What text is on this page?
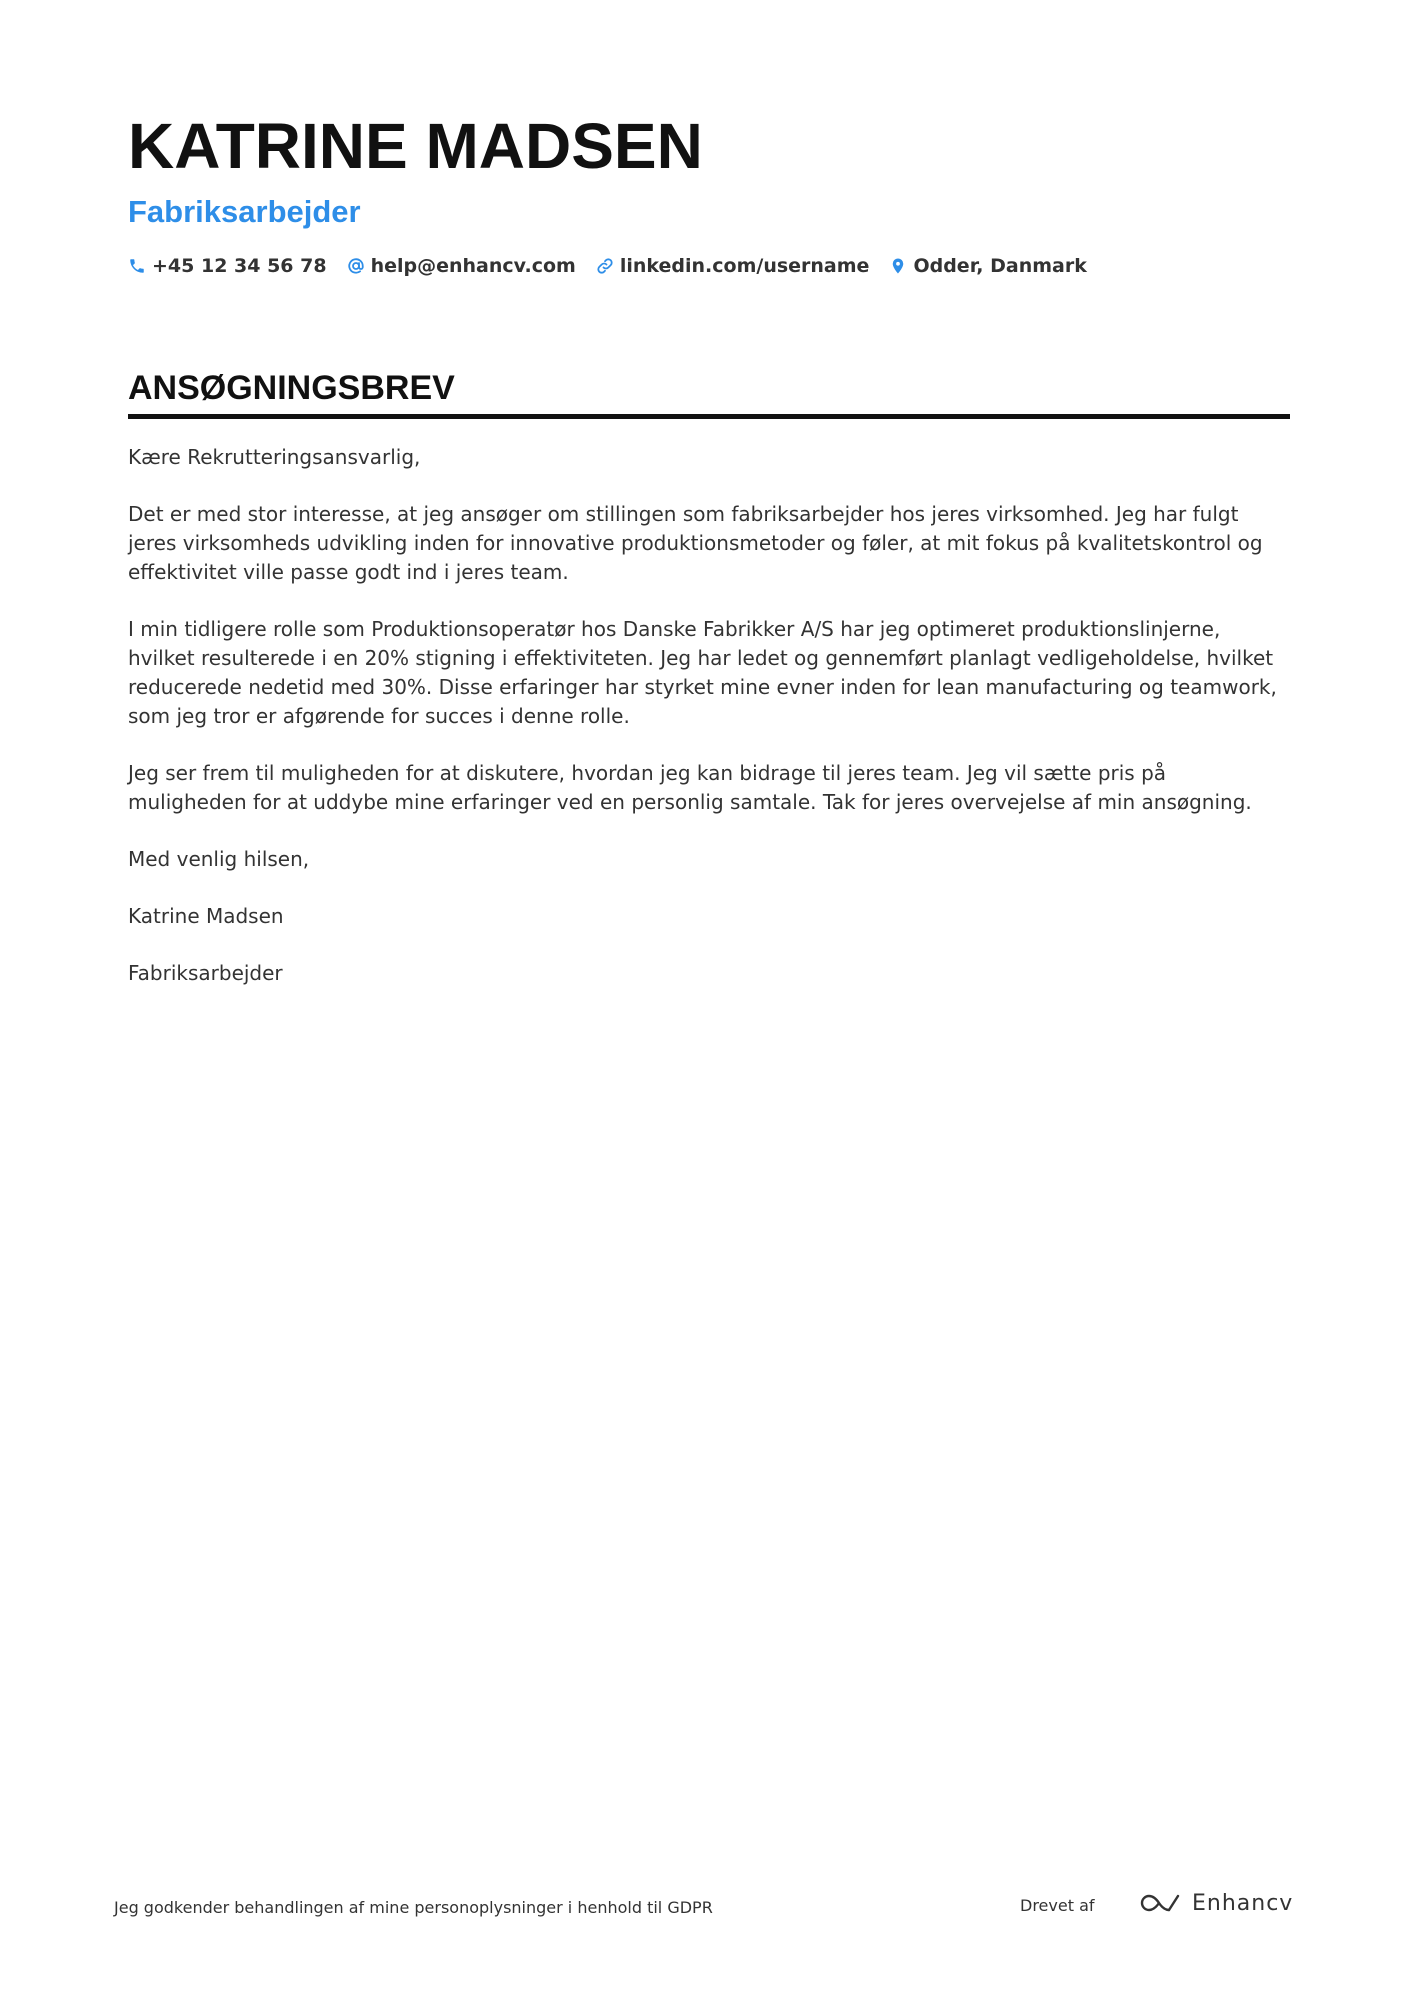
KATRINE MADSEN
Fabriksarbejder
+45 12 34 56 78 help@enhancv.com linkedin.com/username Odder, Danmark
ANSØGNINGSBREV

Kære Rekrutteringsansvarlig,

Det er med stor interesse, at jeg ansøger om stillingen som fabriksarbejder hos jeres virksomhed. Jeg har fulgt jeres virksomheds udvikling inden for innovative produktionsmetoder og føler, at mit fokus på kvalitetskontrol og effektivitet ville passe godt ind i jeres team.

I min tidligere rolle som Produktionsoperatør hos Danske Fabrikker A/S har jeg optimeret produktionslinjerne, hvilket resulterede i en 20% stigning i effektiviteten. Jeg har ledet og gennemført planlagt vedligeholdelse, hvilket reducerede nedetid med 30%. Disse erfaringer har styrket mine evner inden for lean manufacturing og teamwork, som jeg tror er afgørende for succes i denne rolle.

Jeg ser frem til muligheden for at diskutere, hvordan jeg kan bidrage til jeres team. Jeg vil sætte pris på muligheden for at uddybe mine erfaringer ved en personlig samtale. Tak for jeres overvejelse af min ansøgning.

Med venlig hilsen,

Katrine Madsen

Fabriksarbejder

Jeg godkender behandlingen af mine personoplysninger i henhold til GDPR	Drevet af	Enhancv
